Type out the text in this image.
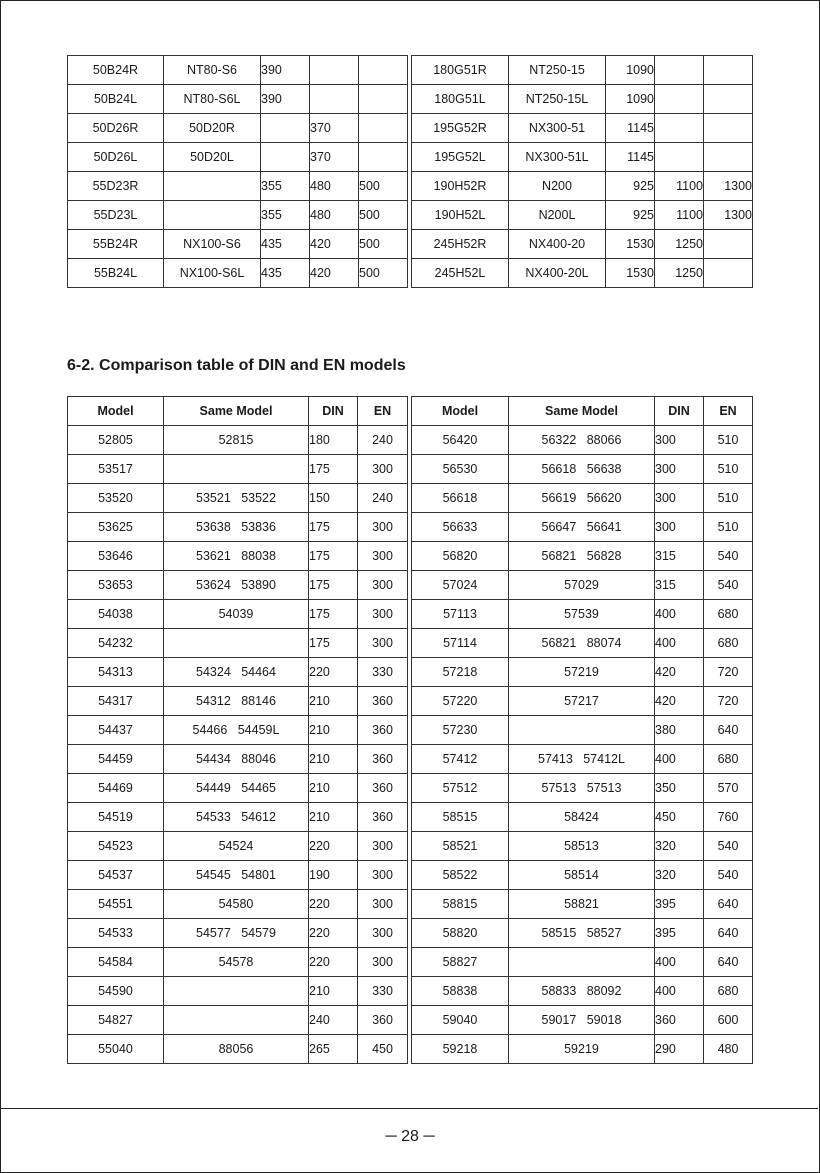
50B24R	NT80-S6	390		
50B24L	NT80-S6L	390		
50D26R	50D20R		370	
50D26L	50D20L		370	
55D23R		355	480	500
55D23L		355	480	500
55B24R	NX100-S6	435	420	500
55B24L	NX100-S6L	435	420	500
180G51R	NT250-15	1090		
180G51L	NT250-15L	1090		
195G52R	NX300-51	1145		
195G52L	NX300-51L	1145		
190H52R	N200	925	1100	1300
190H52L	N200L	925	1100	1300
245H52R	NX400-20	1530	1250	
245H52L	NX400-20L	1530	1250	
6-2. Comparison table of DIN and EN models
Model	Same Model	DIN	EN
52805	52815	180	240
53517		175	300
53520	53521   53522	150	240
53625	53638   53836	175	300
53646	53621   88038	175	300
53653	53624   53890	175	300
54038	54039	175	300
54232		175	300
54313	54324   54464	220	330
54317	54312   88146	210	360
54437	54466   54459L	210	360
54459	54434   88046	210	360
54469	54449   54465	210	360
54519	54533   54612	210	360
54523	54524	220	300
54537	54545   54801	190	300
54551	54580	220	300
54533	54577   54579	220	300
54584	54578	220	300
54590		210	330
54827		240	360
55040	88056	265	450
Model	Same Model	DIN	EN
56420	56322   88066	300	510
56530	56618   56638	300	510
56618	56619   56620	300	510
56633	56647   56641	300	510
56820	56821   56828	315	540
57024	57029	315	540
57113	57539	400	680
57114	56821   88074	400	680
57218	57219	420	720
57220	57217	420	720
57230		380	640
57412	57413   57412L	400	680
57512	57513   57513	350	570
58515	58424	450	760
58521	58513	320	540
58522	58514	320	540
58815	58821	395	640
58820	58515   58527	395	640
58827		400	640
58838	58833   88092	400	680
59040	59017   59018	360	600
59218	59219	290	480
─ 28 ─
